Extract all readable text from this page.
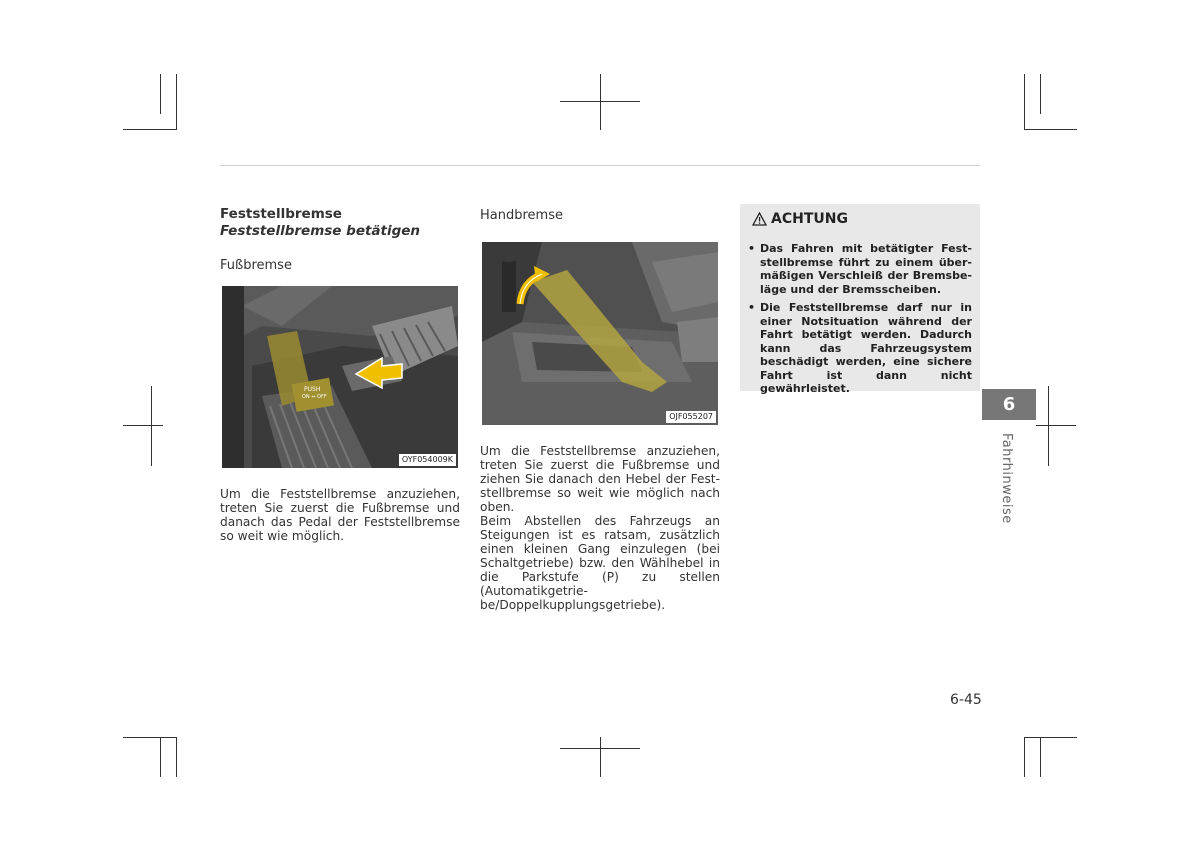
Feststellbremse

Feststellbremse betätigen

Fußbremse
PUSH
ON ⇔ OFF
OYF054009K

Um die Feststellbremse anzuziehen, treten Sie zuerst die Fußbremse und danach das Pedal der Feststellbremse so weit wie möglich.

Handbremse
OJF055207

Um die Feststellbremse anzuziehen, treten Sie zuerst die Fußbremse und ziehen Sie danach den Hebel der Feststellbremse so weit wie möglich nach oben.

Beim Abstellen des Fahrzeugs an Steigungen ist es ratsam, zusätzlich einen kleinen Gang einzulegen (bei Schaltgetriebe) bzw. den Wählhebel in die Parkstufe (P) zu stellen (Automatikgetriebe/Doppelkupplungsgetriebe).

ACHTUNG
• Das Fahren mit betätigter Feststellbremse führt zu einem übermäßigen Verschleiß der Bremsbeläge und der Bremsscheiben.
• Die Feststellbremse darf nur in einer Notsituation während der Fahrt betätigt werden. Dadurch kann das Fahrzeugsystem beschädigt werden, eine sichere Fahrt ist dann nicht gewährleistet.
6
Fahrhinweise
6-45
